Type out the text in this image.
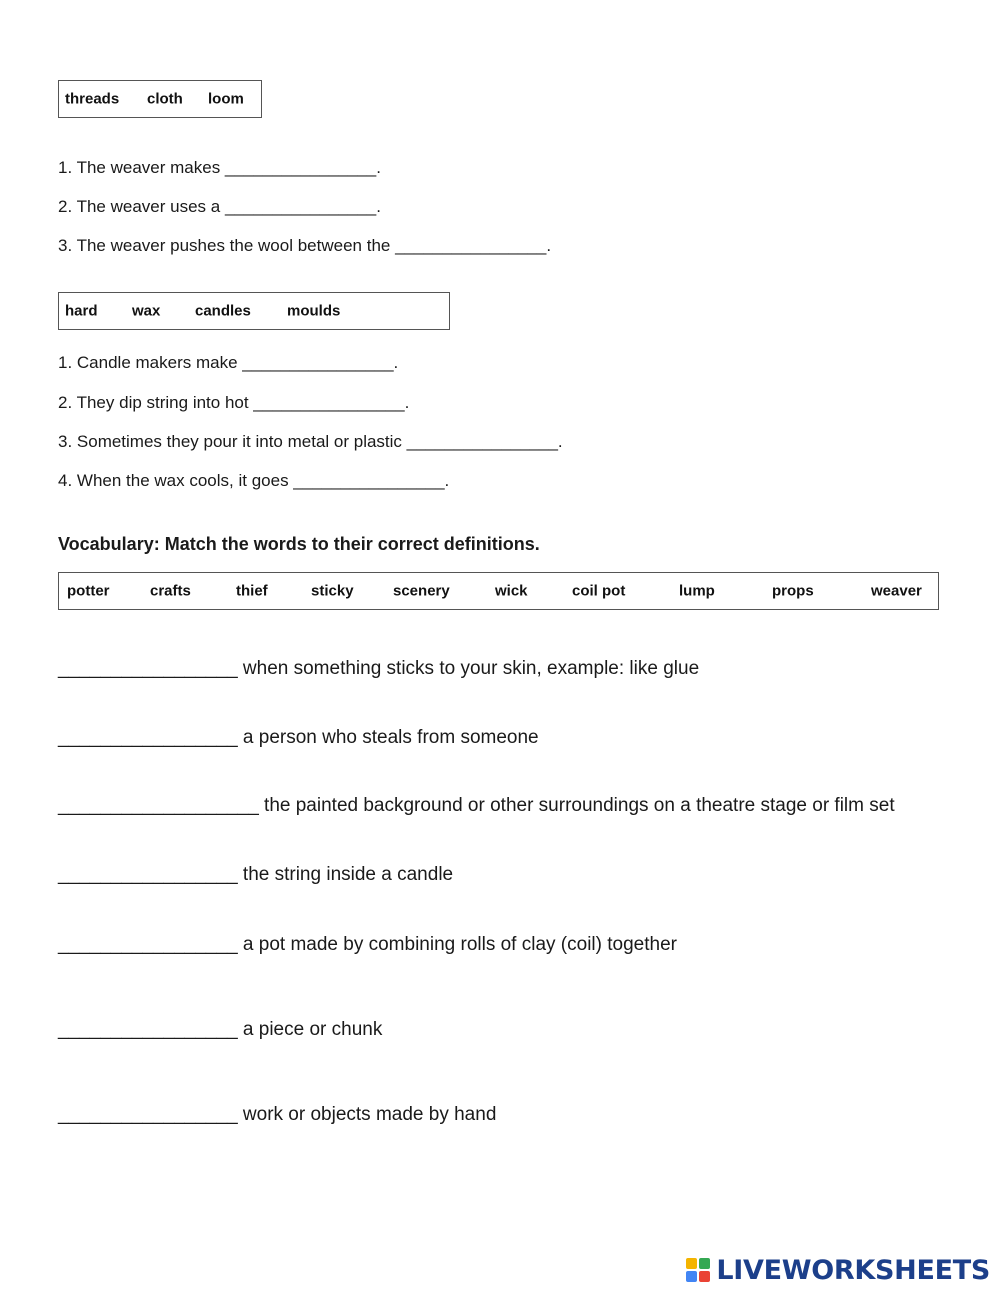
threads cloth loom
1. The weaver makes ________________.
2. The weaver uses a ________________.
3. The weaver pushes the wool between the ________________.
hard wax candles moulds
1. Candle makers make ________________.
2. They dip string into hot ________________.
3. Sometimes they pour it into metal or plastic ________________.
4. When the wax cools, it goes ________________.
Vocabulary: Match the words to their correct definitions.
potter	crafts	thief	sticky	scenery	wick	coil pot	lump	props	weaver
_________________ when something sticks to your skin, example: like glue
_________________ a person who steals from someone
___________________ the painted background or other surroundings on a theatre stage or film set
_________________ the string inside a candle
_________________ a pot made by combining rolls of clay (coil) together
_________________ a piece or chunk
_________________ work or objects made by hand
LIVEWORKSHEETS
